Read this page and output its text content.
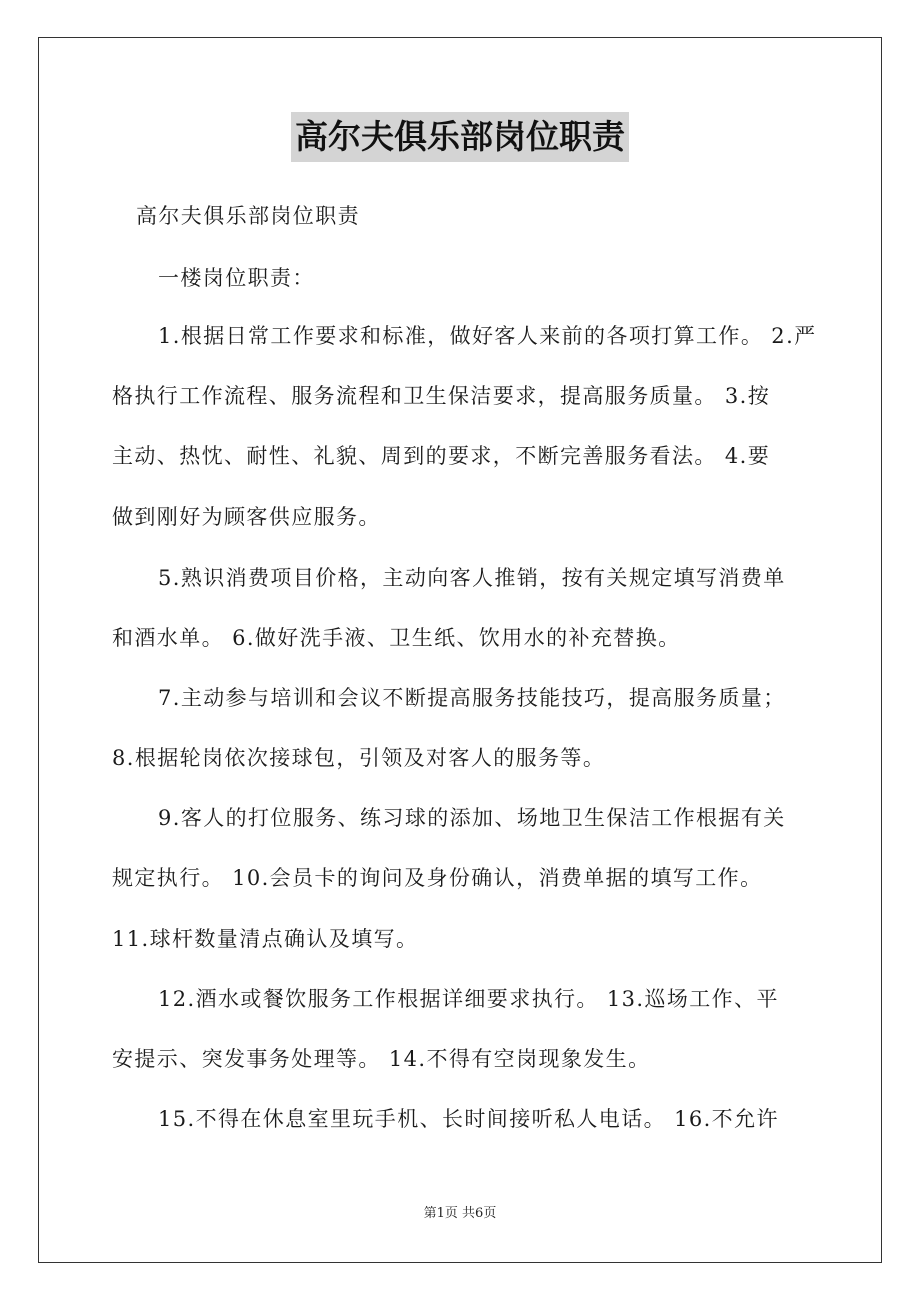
高尔夫俱乐部岗位职责
高尔夫俱乐部岗位职责
一楼岗位职责：
1.根据日常工作要求和标准，做好客人来前的各项打算工作。 2.严
格执行工作流程、服务流程和卫生保洁要求，提高服务质量。 3.按
主动、热忱、耐性、礼貌、周到的要求，不断完善服务看法。 4.要
做到刚好为顾客供应服务。
5.熟识消费项目价格，主动向客人推销，按有关规定填写消费单
和酒水单。 6.做好洗手液、卫生纸、饮用水的补充替换。
7.主动参与培训和会议不断提高服务技能技巧，提高服务质量；
8.根据轮岗依次接球包，引领及对客人的服务等。
9.客人的打位服务、练习球的添加、场地卫生保洁工作根据有关
规定执行。 10.会员卡的询问及身份确认，消费单据的填写工作。
11.球杆数量清点确认及填写。
12.酒水或餐饮服务工作根据详细要求执行。 13.巡场工作、平
安提示、突发事务处理等。 14.不得有空岗现象发生。
15.不得在休息室里玩手机、长时间接听私人电话。 16.不允许
第1页 共6页
